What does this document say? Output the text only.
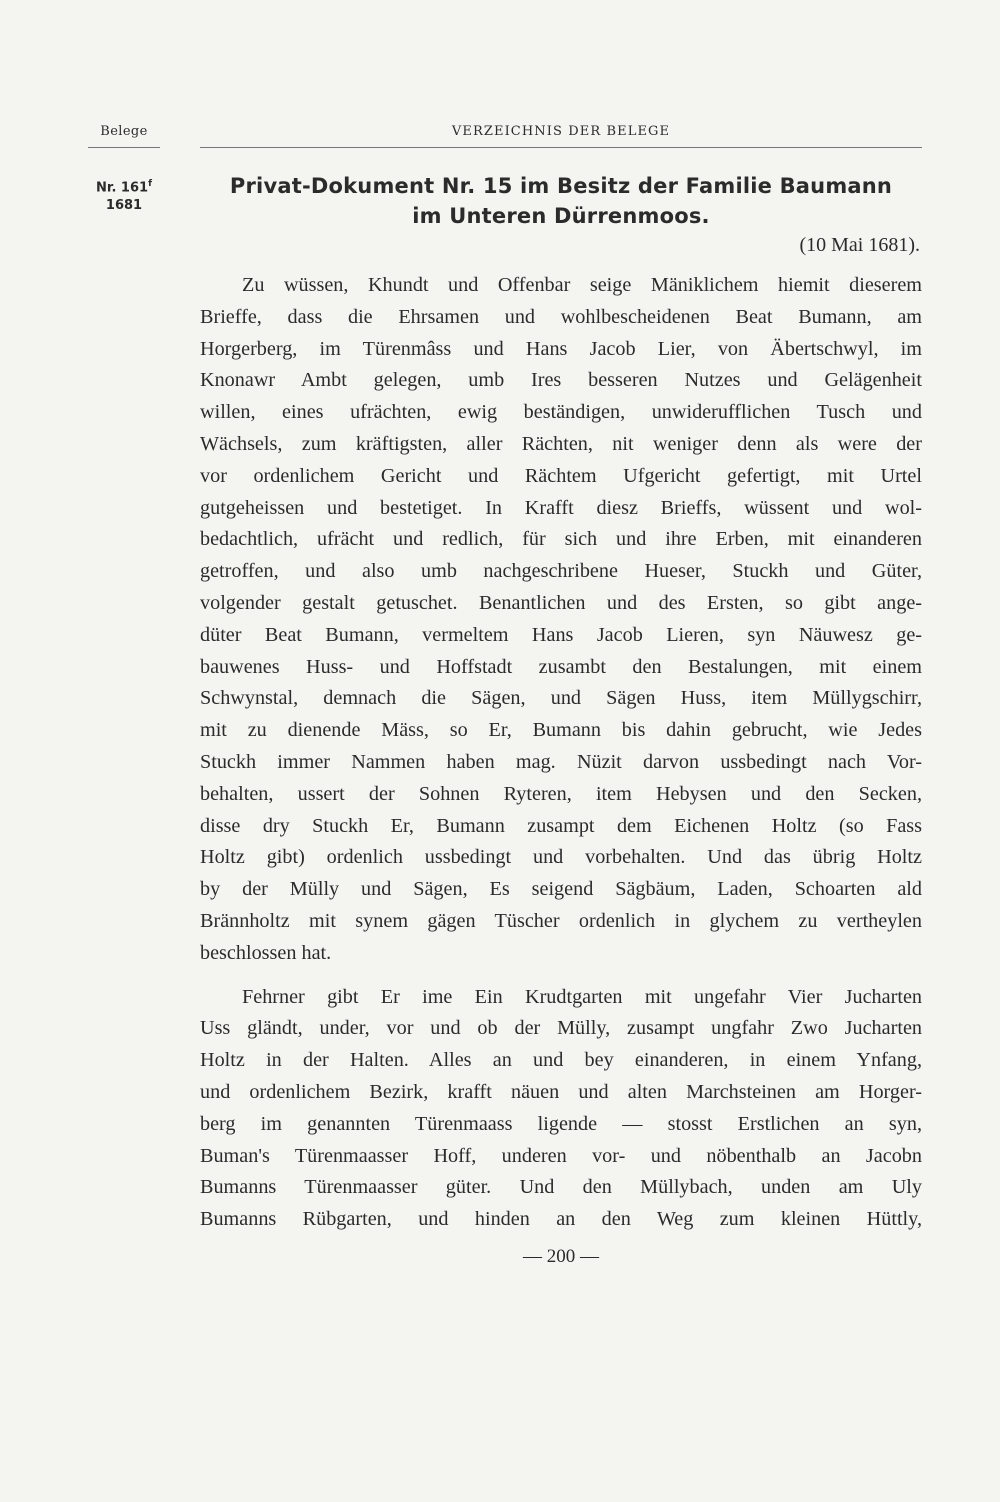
Belege	VERZEICHNIS DER BELEGE
Nr. 161$^f$
1681
Privat-Dokument Nr. 15 im Besitz der Familie Baumann
im Unteren Dürrenmoos.
(10 Mai 1681).
Zu wüssen, Khundt und Offenbar seige Mäniklichem hiemit dieserem
Brieffe, dass die Ehrsamen und wohlbescheidenen Beat Bumann, am
Horgerberg, im Türenmâss und Hans Jacob Lier, von Äbertschwyl, im
Knonawr Ambt gelegen, umb Ires besseren Nutzes und Gelägenheit
willen, eines ufrächten, ewig beständigen, unwiderufflichen Tusch und
Wächsels, zum kräftigsten, aller Rächten, nit weniger denn als were der
vor ordenlichem Gericht und Rächtem Ufgericht gefertigt, mit Urtel
gutgeheissen und bestetiget. In Krafft diesz Brieffs, wüssent und wol-
bedachtlich, ufrächt und redlich, für sich und ihre Erben, mit einanderen
getroffen, und also umb nachgeschribene Hueser, Stuckh und Güter,
volgender gestalt getuschet. Benantlichen und des Ersten, so gibt ange-
düter Beat Bumann, vermeltem Hans Jacob Lieren, syn Näuwesz ge-
bauwenes Huss- und Hoffstadt zusambt den Bestalungen, mit einem
Schwynstal, demnach die Sägen, und Sägen Huss, item Müllygschirr,
mit zu dienende Mäss, so Er, Bumann bis dahin gebrucht, wie Jedes
Stuckh immer Nammen haben mag. Nüzit darvon ussbedingt nach Vor-
behalten, ussert der Sohnen Ryteren, item Hebysen und den Secken,
disse dry Stuckh Er, Bumann zusampt dem Eichenen Holtz (so Fass
Holtz gibt) ordenlich ussbedingt und vorbehalten. Und das übrig Holtz
by der Mülly und Sägen, Es seigend Sägbäum, Laden, Schoarten ald
Brännholtz mit synem gägen Tüscher ordenlich in glychem zu vertheylen
beschlossen hat.
Fehrner gibt Er ime Ein Krudtgarten mit ungefahr Vier Jucharten
Uss gländt, under, vor und ob der Mülly, zusampt ungfahr Zwo Jucharten
Holtz in der Halten. Alles an und bey einanderen, in einem Ynfang,
und ordenlichem Bezirk, krafft näuen und alten Marchsteinen am Horger-
berg im genannten Türenmaass ligende — stosst Erstlichen an syn,
Buman's Türenmaasser Hoff, underen vor- und nöbenthalb an Jacobn
Bumanns Türenmaasser güter. Und den Müllybach, unden am Uly
Bumanns Rübgarten, und hinden an den Weg zum kleinen Hüttly,
— 200 —
